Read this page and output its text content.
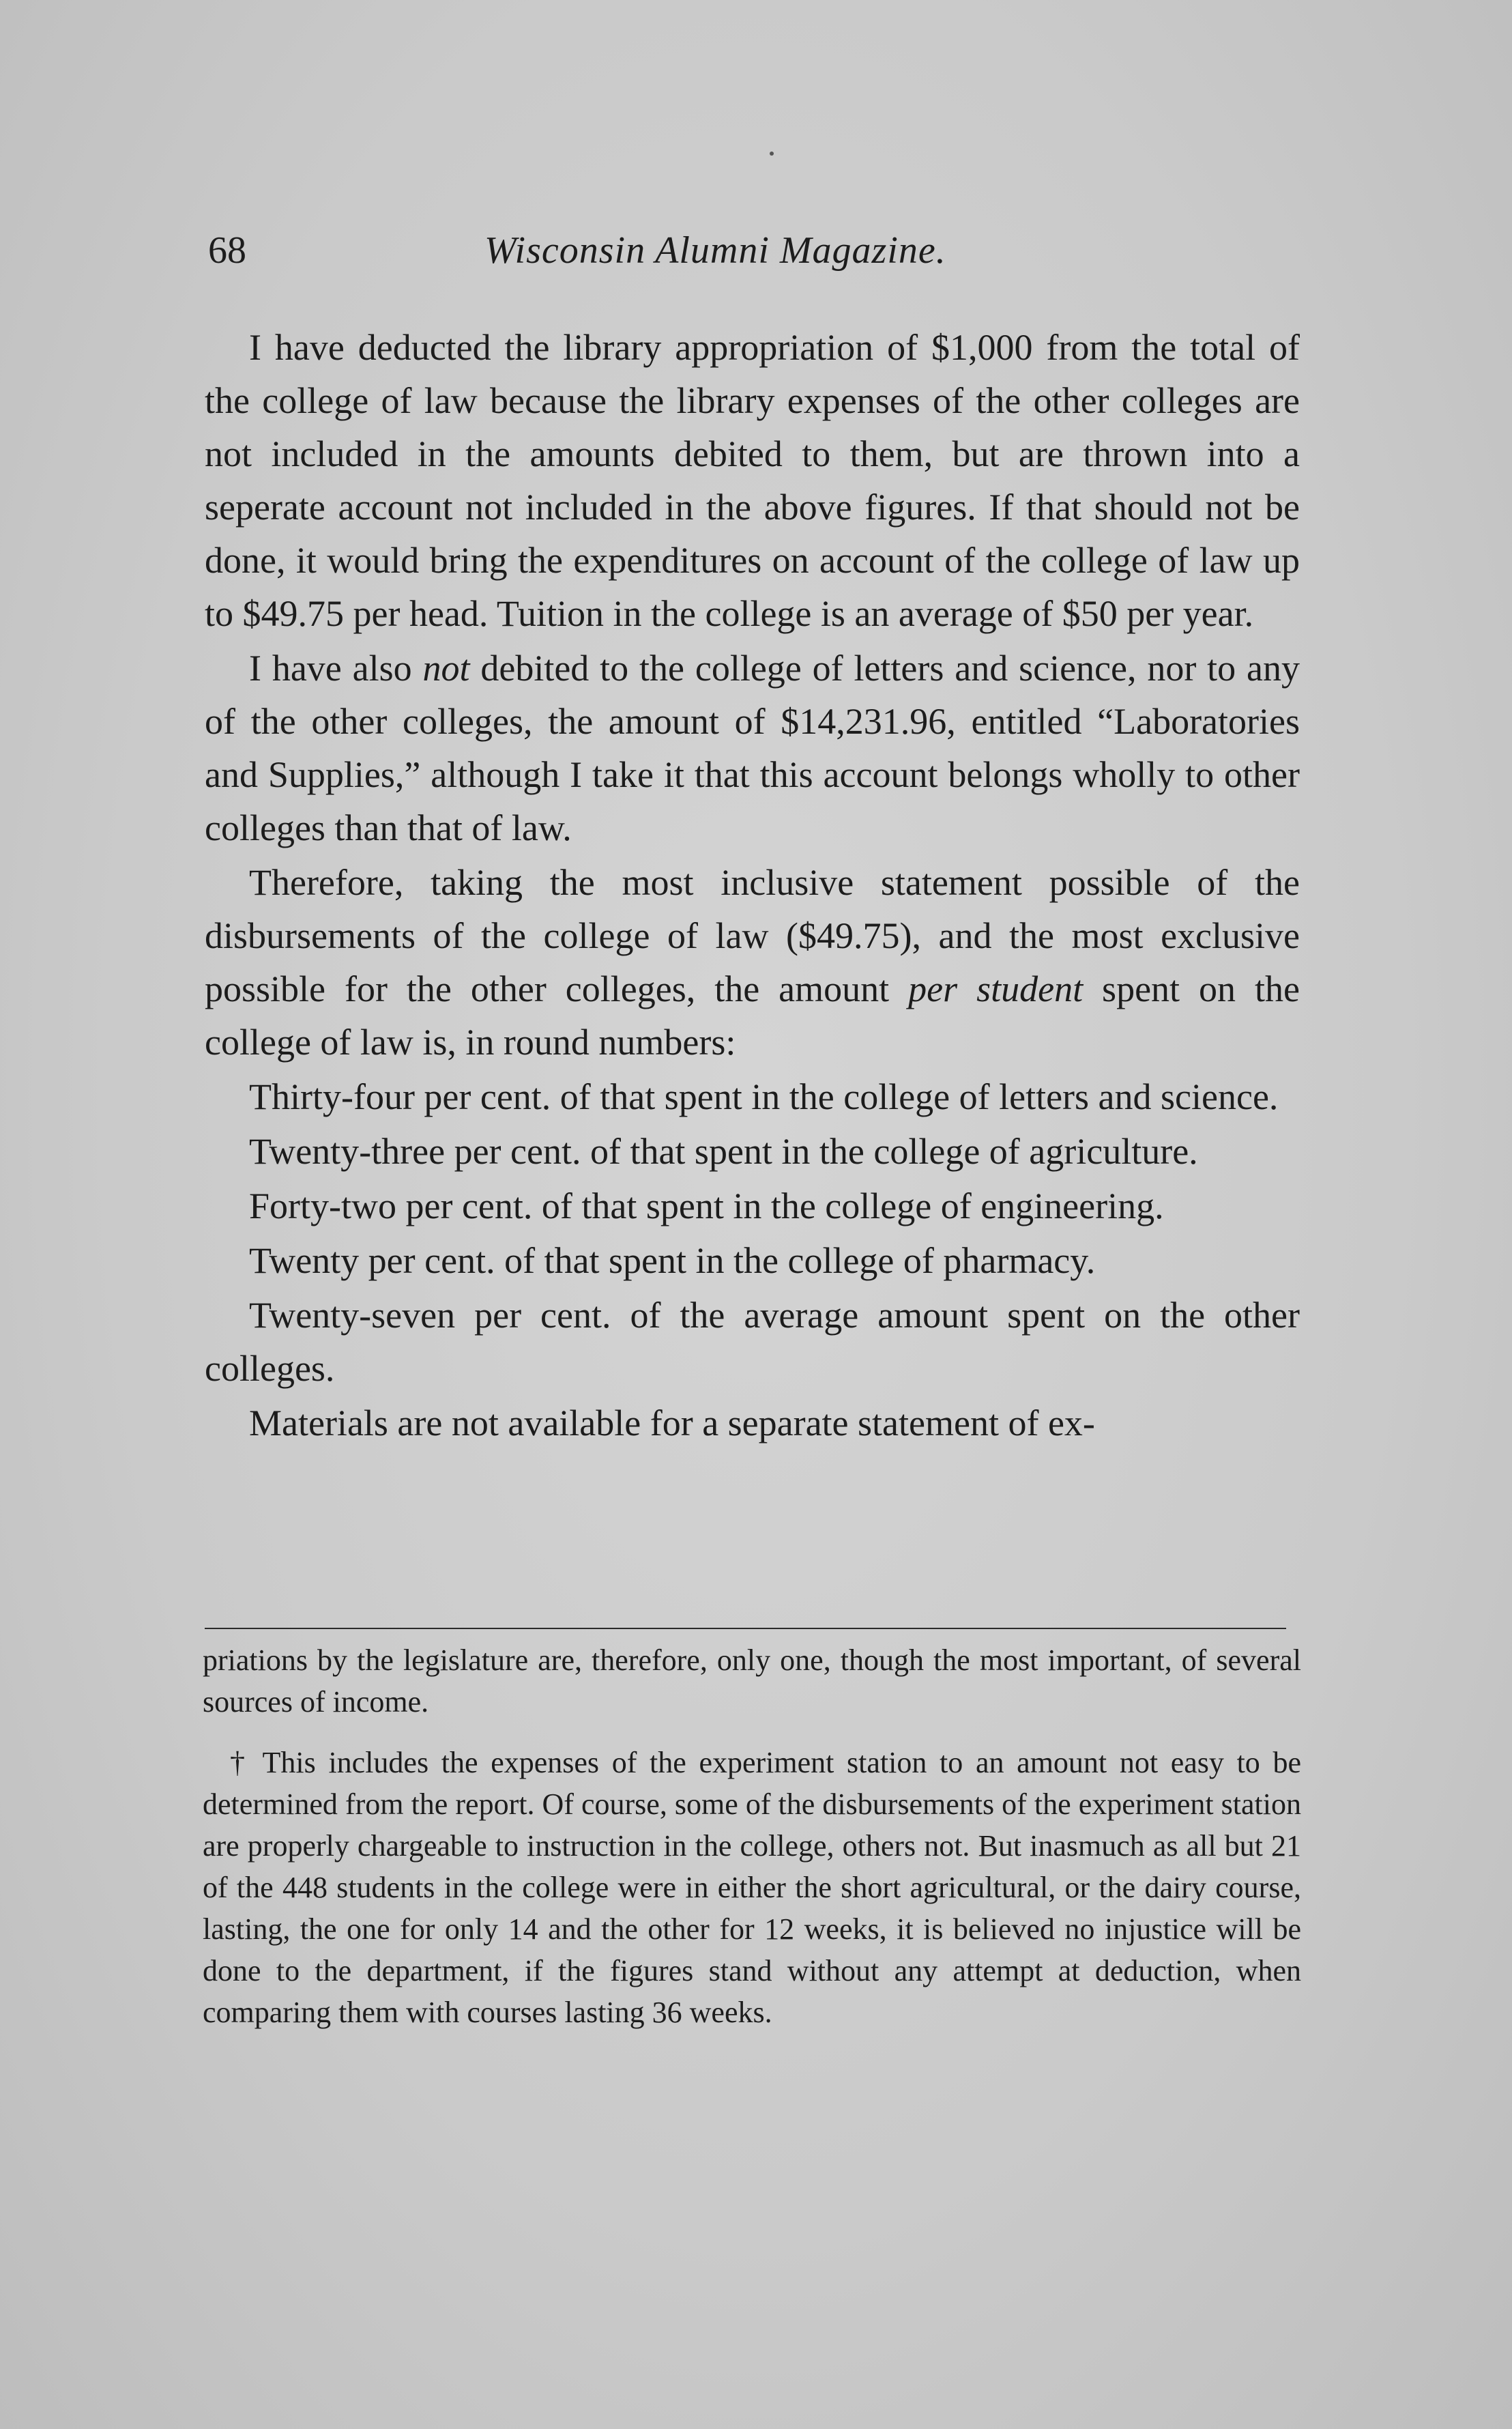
68	Wisconsin Alumni Magazine.

I have deducted the library appropriation of $1,000 from the total of the college of law because the library expenses of the other colleges are not included in the amounts debited to them, but are thrown into a seperate account not included in the above figures. If that should not be done, it would bring the expenditures on account of the college of law up to $49.75 per head. Tuition in the college is an average of $50 per year.

I have also not debited to the college of letters and science, nor to any of the other colleges, the amount of $14,231.96, entitled “Laboratories and Supplies,” although I take it that this account belongs wholly to other colleges than that of law.

Therefore, taking the most inclusive statement possible of the disbursements of the college of law ($49.75), and the most exclusive possible for the other colleges, the amount per student spent on the college of law is, in round numbers:

Thirty-four per cent. of that spent in the college of letters and science.

Twenty-three per cent. of that spent in the college of agriculture.

Forty-two per cent. of that spent in the college of engineering.

Twenty per cent. of that spent in the college of pharmacy.

Twenty-seven per cent. of the average amount spent on the other colleges.

Materials are not available for a separate statement of ex-

priations by the legislature are, therefore, only one, though the most important, of several sources of income.

† This includes the expenses of the experiment station to an amount not easy to be determined from the report. Of course, some of the disbursements of the experiment station are properly chargeable to instruction in the college, others not. But inasmuch as all but 21 of the 448 students in the college were in either the short agricultural, or the dairy course, lasting, the one for only 14 and the other for 12 weeks, it is believed no injustice will be done to the department, if the figures stand without any attempt at deduction, when comparing them with courses lasting 36 weeks.
